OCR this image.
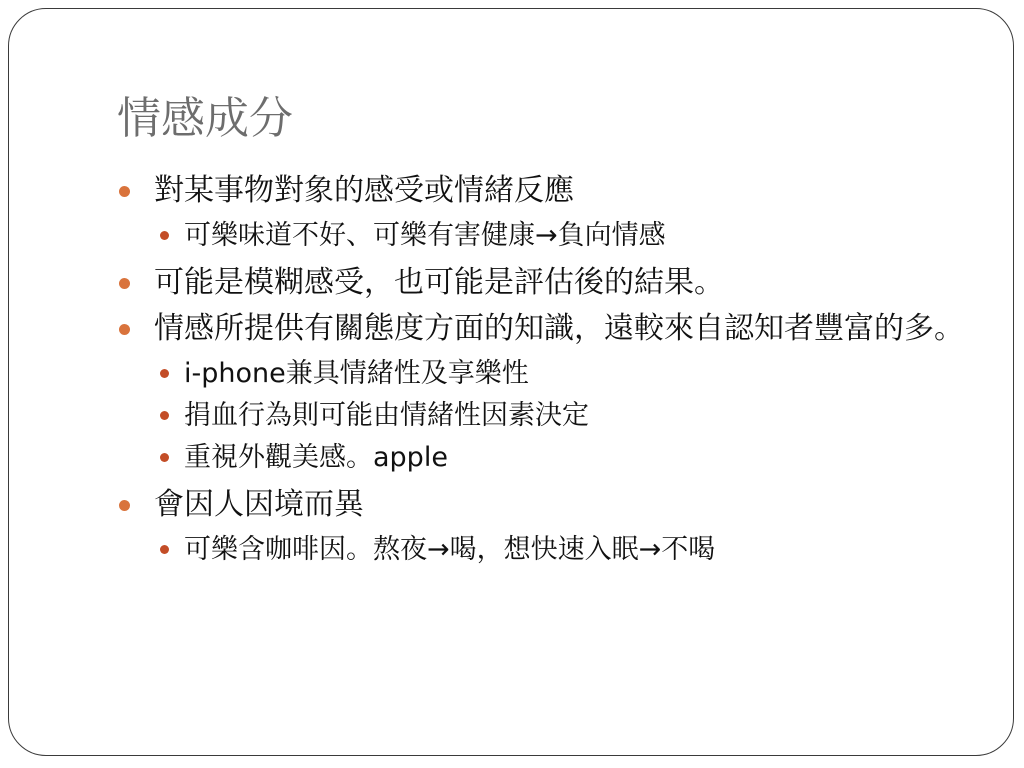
情感成分
對某事物對象的感受或情緒反應
可樂味道不好、可樂有害健康→負向情感
可能是模糊感受，也可能是評估後的結果。
情感所提供有關態度方面的知識，遠較來自認知者豐富的多。
i-phone兼具情緒性及享樂性
捐血行為則可能由情緒性因素決定
重視外觀美感。apple
會因人因境而異
可樂含咖啡因。熬夜→喝，想快速入眠→不喝
